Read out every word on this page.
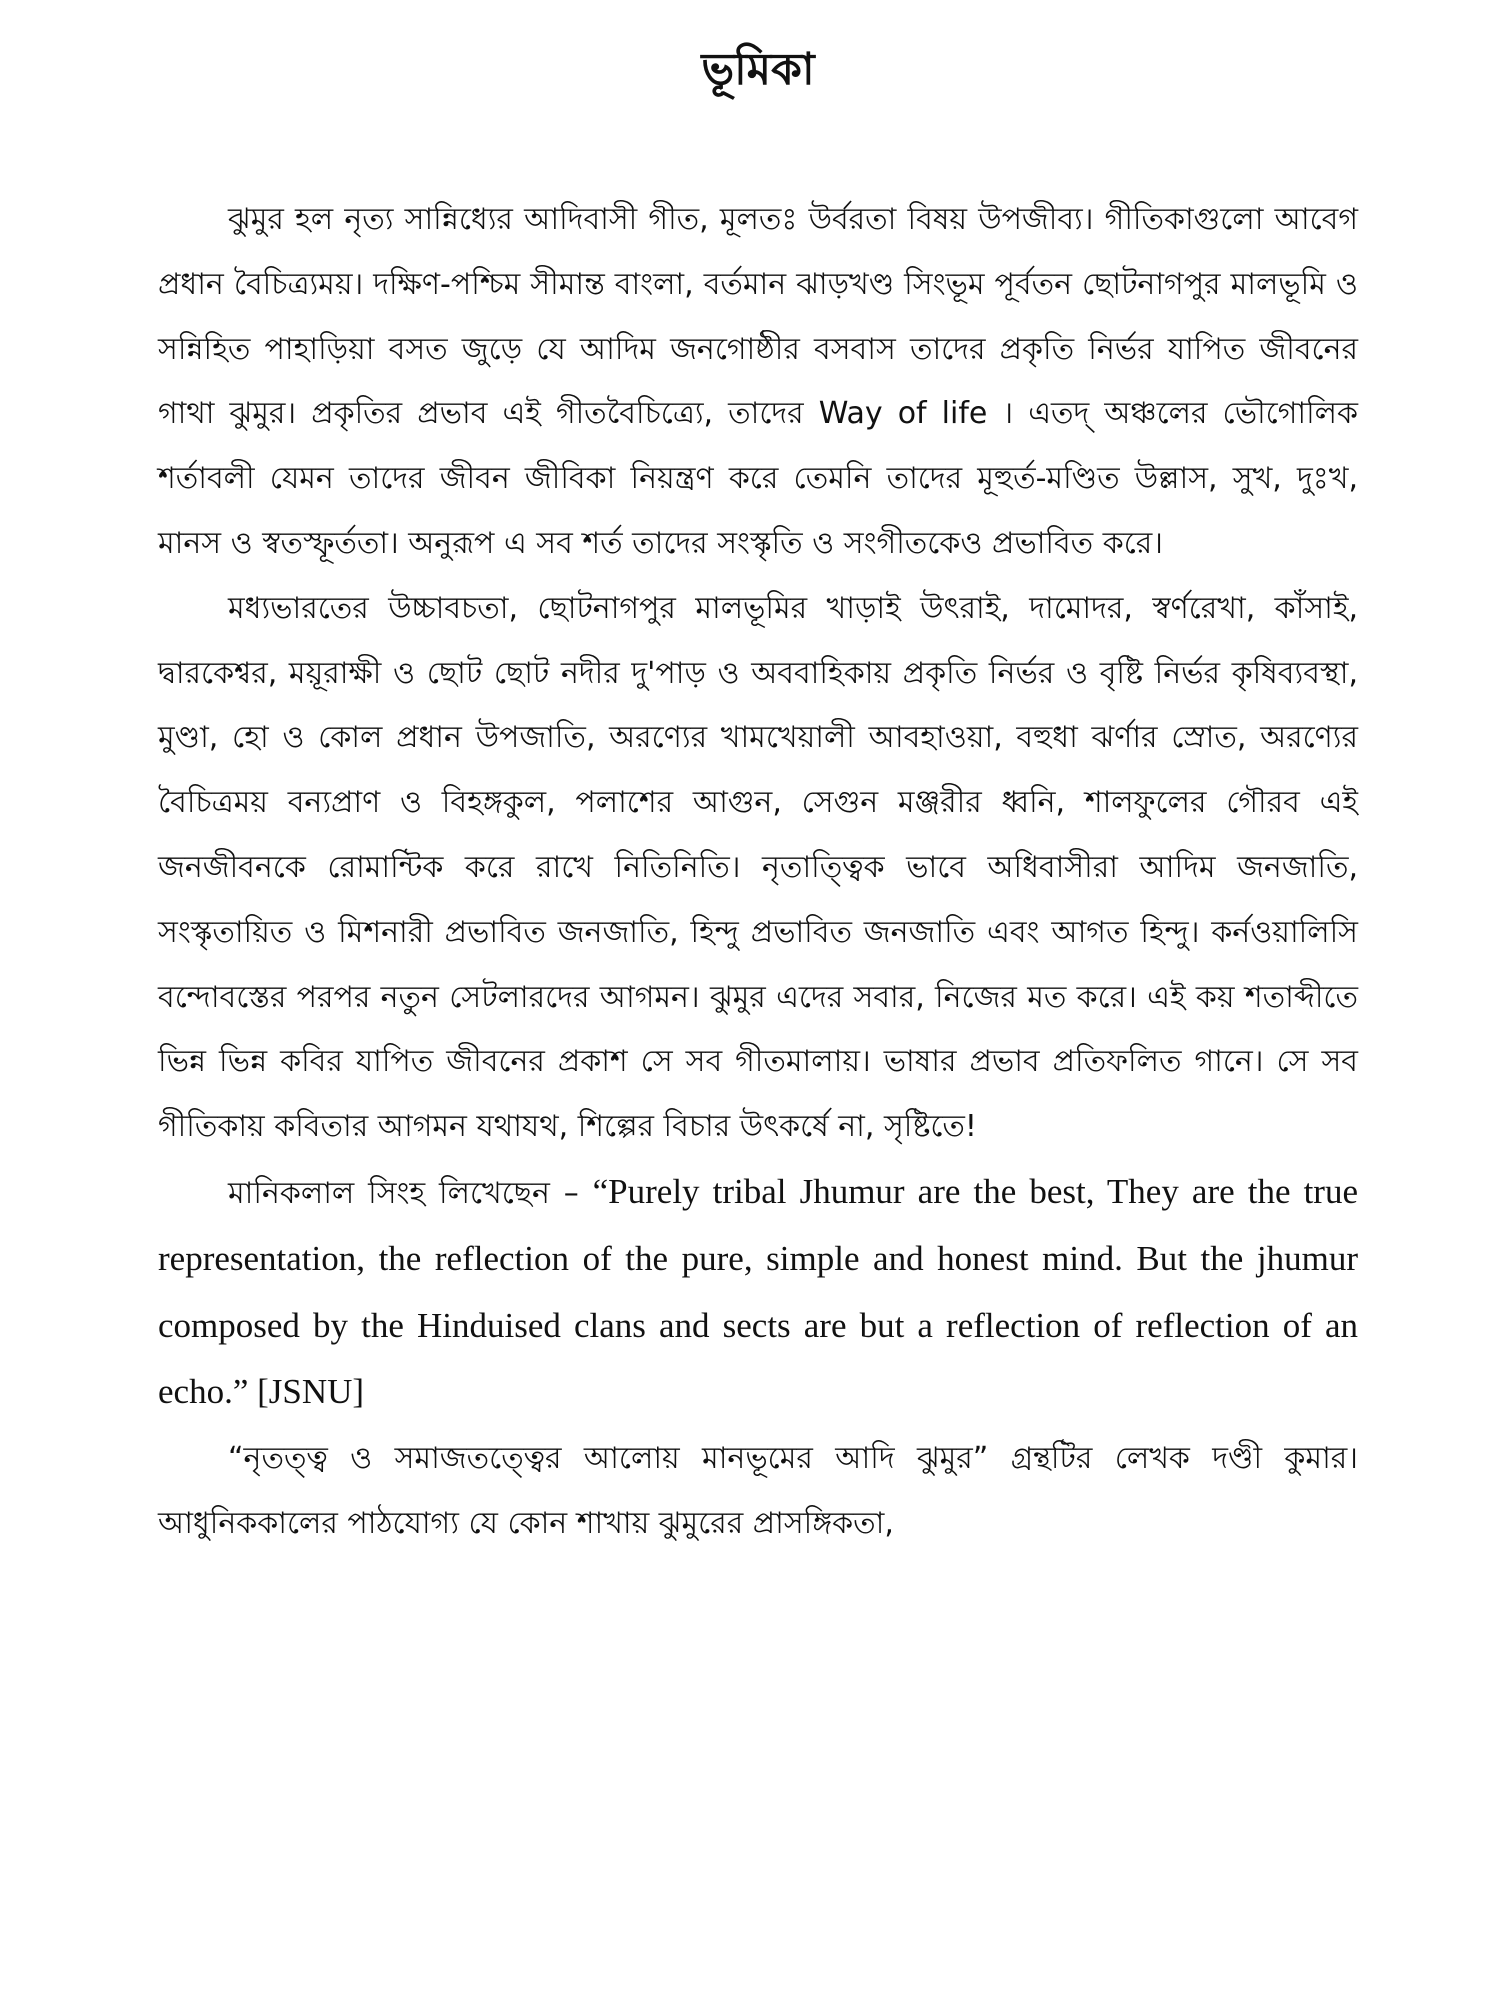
ভূমিকা

ঝুমুর হল নৃত্য সান্নিধ্যের আদিবাসী গীত, মূলতঃ উর্বরতা বিষয় উপজীব্য। গীতিকাগুলো আবেগ প্রধান বৈচিত্র্যময়। দক্ষিণ-পশ্চিম সীমান্ত বাংলা, বর্তমান ঝাড়খণ্ড সিংভূম পূর্বতন ছোটনাগপুর মালভূমি ও সন্নিহিত পাহাড়িয়া বসত জুড়ে যে আদিম জনগোষ্ঠীর বসবাস তাদের প্রকৃতি নির্ভর যাপিত জীবনের গাথা ঝুমুর। প্রকৃতির প্রভাব এই গীতবৈচিত্র্যে, তাদের Way of life । এতদ্ অঞ্চলের ভৌগোলিক শর্তাবলী যেমন তাদের জীবন জীবিকা নিয়ন্ত্রণ করে তেমনি তাদের মূহুর্ত-মণ্ডিত উল্লাস, সুখ, দুঃখ, মানস ও স্বতস্ফূর্ততা। অনুরূপ এ সব শর্ত তাদের সংস্কৃতি ও সংগীতকেও প্রভাবিত করে।

মধ্যভারতের উচ্চাবচতা, ছোটনাগপুর মালভূমির খাড়াই উৎরাই, দামোদর, স্বর্ণরেখা, কাঁসাই, দ্বারকেশ্বর, ময়ূরাক্ষী ও ছোট ছোট নদীর দু'পাড় ও অববাহিকায় প্রকৃতি নির্ভর ও বৃষ্টি নির্ভর কৃষিব্যবস্থা, মুণ্ডা, হো ও কোল প্রধান উপজাতি, অরণ্যের খামখেয়ালী আবহাওয়া, বহুধা ঝর্ণার স্রোত, অরণ্যের বৈচিত্রময় বন্যপ্রাণ ও বিহঙ্গকুল, পলাশের আগুন, সেগুন মঞ্জরীর ধ্বনি, শালফুলের গৌরব এই জনজীবনকে রোমান্টিক করে রাখে নিতিনিতি। নৃতাত্ত্বিক ভাবে অধিবাসীরা আদিম জনজাতি, সংস্কৃতায়িত ও মিশনারী প্রভাবিত জনজাতি, হিন্দু প্রভাবিত জনজাতি এবং আগত হিন্দু। কর্নওয়ালিসি বন্দোবস্তের পরপর নতুন সেটলারদের আগমন। ঝুমুর এদের সবার, নিজের মত করে। এই কয় শতাব্দীতে ভিন্ন ভিন্ন কবির যাপিত জীবনের প্রকাশ সে সব গীতমালায়। ভাষার প্রভাব প্রতিফলিত গানে। সে সব গীতিকায় কবিতার আগমন যথাযথ, শিল্পের বিচার উৎকর্ষে না, সৃষ্টিতে!

মানিকলাল সিংহ লিখেছেন – “Purely tribal Jhumur are the best, They are the true representation, the reflection of the pure, simple and honest mind. But the jhumur composed by the Hinduised clans and sects are but a reflection of reflection of an echo.” [JSNU]

“নৃতত্ত্ব ও সমাজতত্ত্বের আলোয় মানভূমের আদি ঝুমুর” গ্রন্থটির লেখক দণ্ডী কুমার। আধুনিককালের পাঠযোগ্য যে কোন শাখায় ঝুমুরের প্রাসঙ্গিকতা,
